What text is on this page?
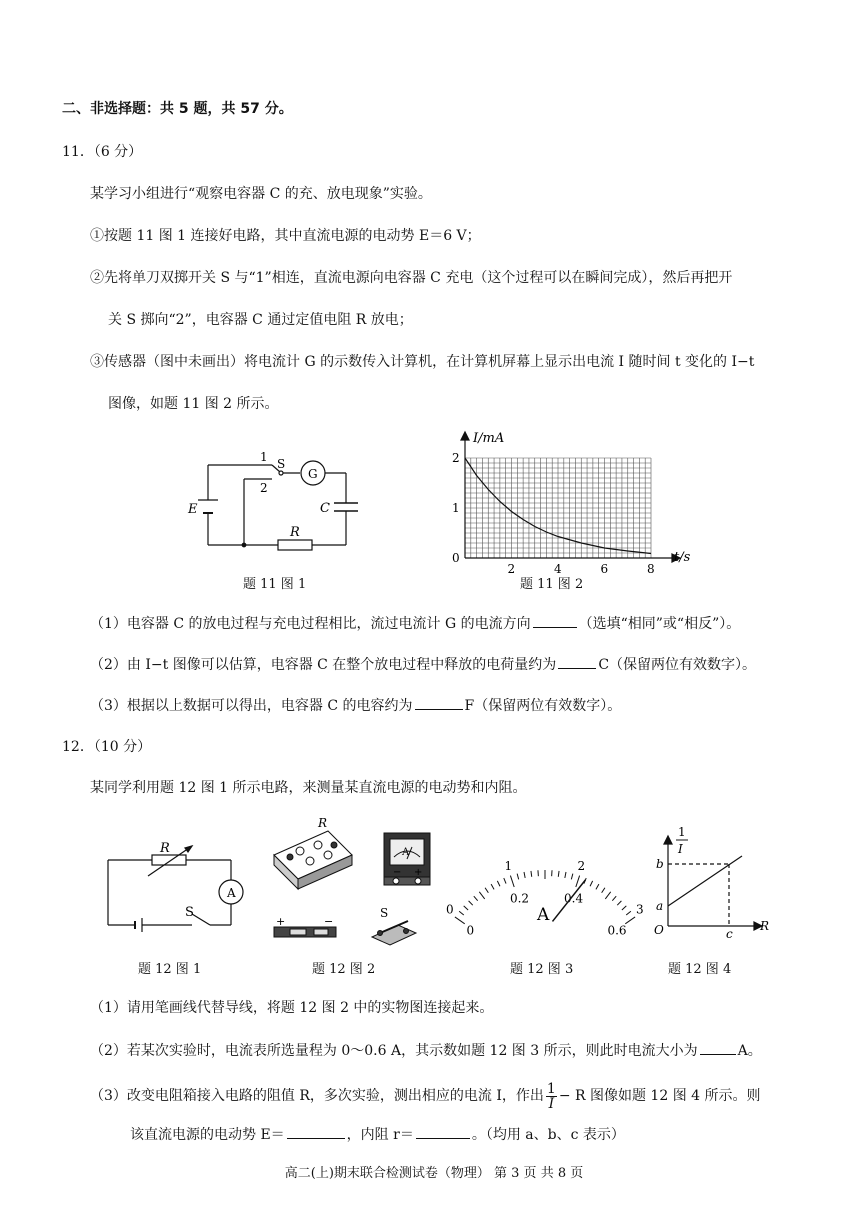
二、非选择题：共 5 题，共 57 分。
11．（6 分）
某学习小组进行“观察电容器 C 的充、放电现象”实验。
①按题 11 图 1 连接好电路，其中直流电源的电动势 E＝6 V；
②先将单刀双掷开关 S 与“1”相连，直流电源向电容器 C 充电（这个过程可以在瞬间完成），然后再把开
关 S 掷向“2”，电容器 C 通过定值电阻 R 放电；
③传感器（图中未画出）将电流计 G 的示数传入计算机，在计算机屏幕上显示出电流 I 随时间 t 变化的 I−t
图像，如题 11 图 2 所示。
1 S
2
G
E	C
R
题 11 图 1
2	4	6	8
0
1
2
I/mA
t/s
题 11 图 2
（1）电容器 C 的放电过程与充电过程相比，流过电流计 G 的电流方向	（选填“相同”或“相反”）。
（2）由 I−t 图像可以估算，电容器 C 在整个放电过程中释放的电荷量约为	C（保留两位有效数字）。
（3）根据以上数据可以得出，电容器 C 的电容约为	F（保留两位有效数字）。
12．（10 分）
某同学利用题 12 图 1 所示电路，来测量某直流电源的电动势和内阻。
R
A
S
题 12 图 1
R
A
− +
+	−
S
题 12 图 2
0
1	2
3
0
0.2	0.4
0.6
A
题 12 图 3
1
I
b
a
O	c
R
题 12 图 4
（1）请用笔画线代替导线，将题 12 图 2 中的实物图连接起来。
（2）若某次实验时，电流表所选量程为 0～0.6 A，其示数如题 12 图 3 所示，则此时电流大小为	A。
（3）改变电阻箱接入电路的阻值 R，多次实验，测出相应的电流 I，作出 $\frac{1}{I} - R$ 图像如题 12 图 4 所示。则
该直流电源的电动势 E＝	，内阻 r＝	。（均用 a、b、c 表示）
高二(上)期末联合检测试卷（物理） 第 3 页 共 8 页
